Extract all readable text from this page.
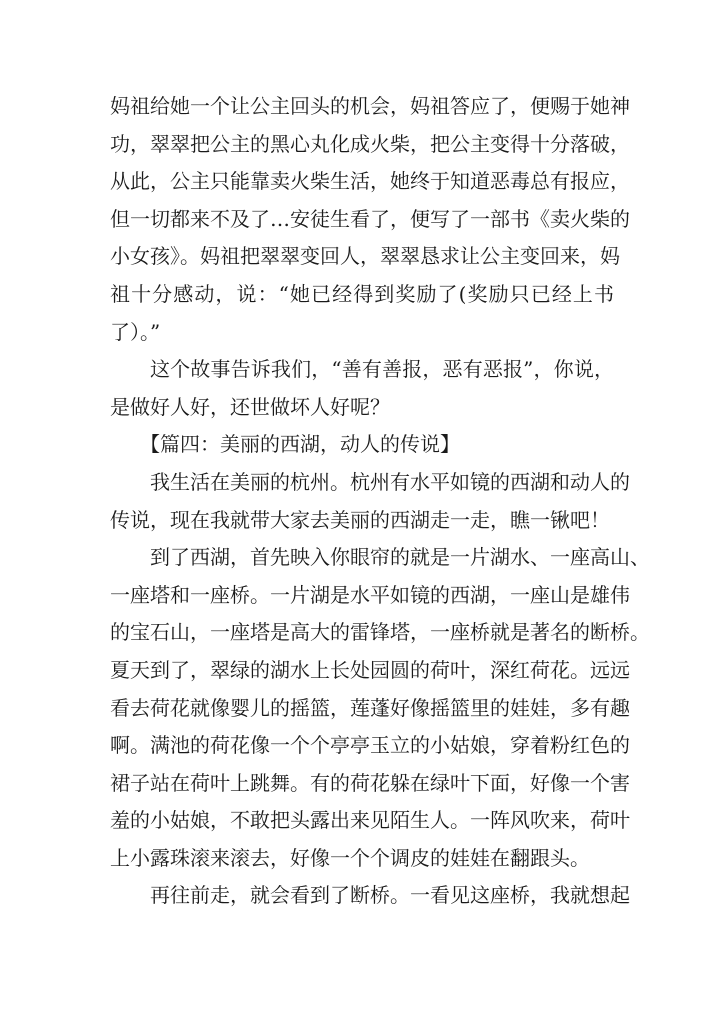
妈祖给她一个让公主回头的机会，妈祖答应了，便赐于她神
功，翠翠把公主的黑心丸化成火柴，把公主变得十分落破，
从此，公主只能靠卖火柴生活，她终于知道恶毒总有报应，
但一切都来不及了…安徒生看了，便写了一部书《卖火柴的
小女孩》。妈祖把翠翠变回人，翠翠恳求让公主变回来，妈
祖十分感动，说：“她已经得到奖励了(奖励只已经上书
了）。”
这个故事告诉我们，“善有善报，恶有恶报”，你说，
是做好人好，还世做坏人好呢？
【篇四：美丽的西湖，动人的传说】
我生活在美丽的杭州。杭州有水平如镜的西湖和动人的
传说，现在我就带大家去美丽的西湖走一走，瞧一锹吧！
到了西湖，首先映入你眼帘的就是一片湖水、一座高山、
一座塔和一座桥。一片湖是水平如镜的西湖，一座山是雄伟
的宝石山，一座塔是高大的雷锋塔，一座桥就是著名的断桥。
夏天到了，翠绿的湖水上长处园圆的荷叶，深红荷花。远远
看去荷花就像婴儿的摇篮，莲蓬好像摇篮里的娃娃，多有趣
啊。满池的荷花像一个个亭亭玉立的小姑娘，穿着粉红色的
裙子站在荷叶上跳舞。有的荷花躲在绿叶下面，好像一个害
羞的小姑娘，不敢把头露出来见陌生人。一阵风吹来，荷叶
上小露珠滚来滚去，好像一个个调皮的娃娃在翻跟头。
再往前走，就会看到了断桥。一看见这座桥，我就想起
